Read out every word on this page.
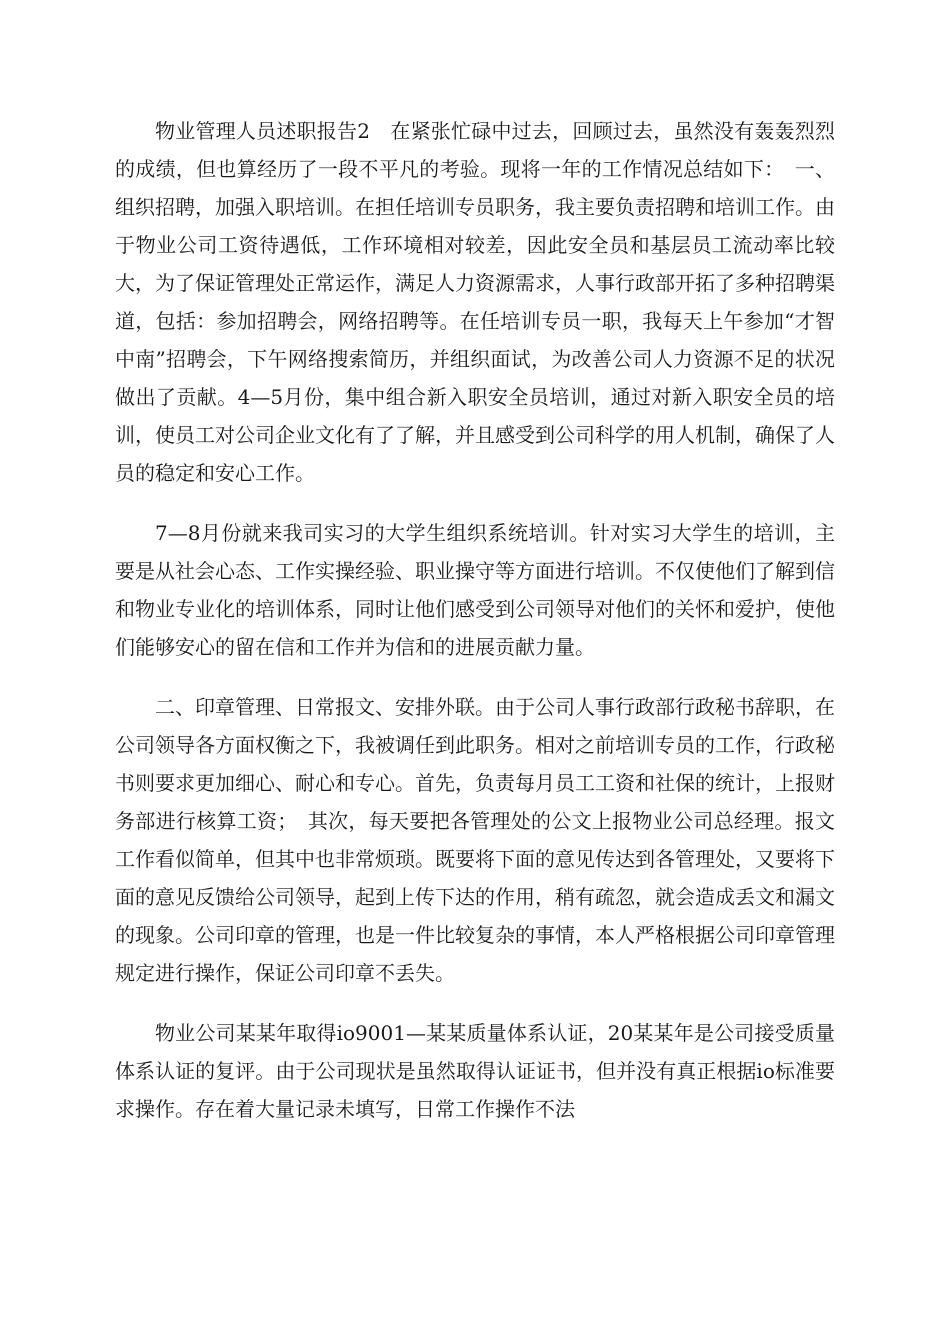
物业管理人员述职报告2　在紧张忙碌中过去，回顾过去，虽然没有轰轰烈烈的成绩，但也算经历了一段不平凡的考验。现将一年的工作情况总结如下：　一、组织招聘，加强入职培训。在担任培训专员职务，我主要负责招聘和培训工作。由于物业公司工资待遇低，工作环境相对较差，因此安全员和基层员工流动率比较大，为了保证管理处正常运作，满足人力资源需求，人事行政部开拓了多种招聘渠道，包括：参加招聘会，网络招聘等。在任培训专员一职，我每天上午参加“才智中南”招聘会，下午网络搜索简历，并组织面试，为改善公司人力资源不足的状况做出了贡献。4—5月份，集中组合新入职安全员培训，通过对新入职安全员的培训，使员工对公司企业文化有了了解，并且感受到公司科学的用人机制，确保了人员的稳定和安心工作。

7—8月份就来我司实习的大学生组织系统培训。针对实习大学生的培训，主要是从社会心态、工作实操经验、职业操守等方面进行培训。不仅使他们了解到信和物业专业化的培训体系，同时让他们感受到公司领导对他们的关怀和爱护，使他们能够安心的留在信和工作并为信和的进展贡献力量。

二、印章管理、日常报文、安排外联。由于公司人事行政部行政秘书辞职，在公司领导各方面权衡之下，我被调任到此职务。相对之前培训专员的工作，行政秘书则要求更加细心、耐心和专心。首先，负责每月员工工资和社保的统计，上报财务部进行核算工资；　其次，每天要把各管理处的公文上报物业公司总经理。报文工作看似简单，但其中也非常烦琐。既要将下面的意见传达到各管理处，又要将下面的意见反馈给公司领导，起到上传下达的作用，稍有疏忽，就会造成丢文和漏文的现象。公司印章的管理，也是一件比较复杂的事情，本人严格根据公司印章管理规定进行操作，保证公司印章不丢失。

物业公司某某年取得io9001—某某质量体系认证，20某某年是公司接受质量体系认证的复评。由于公司现状是虽然取得认证证书，但并没有真正根据io标准要求操作。存在着大量记录未填写，日常工作操作不法
